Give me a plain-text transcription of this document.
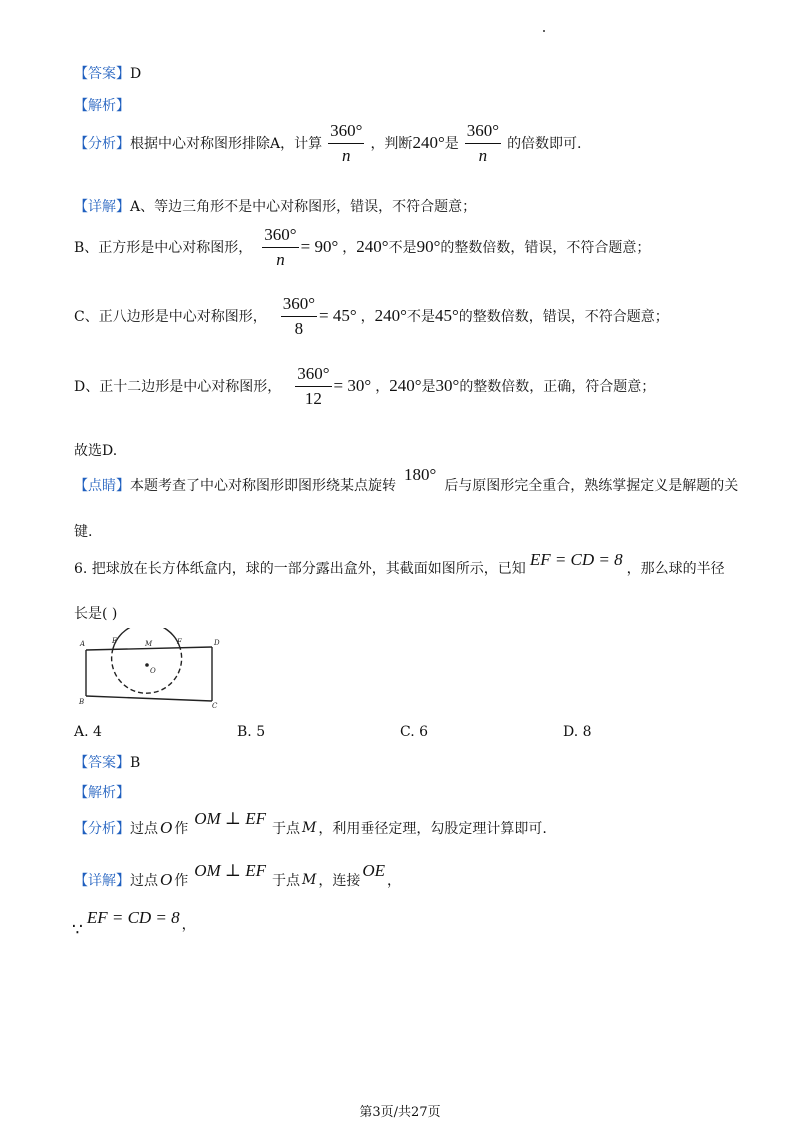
【答案】D
【解析】
【分析】 根据中心对称图形排除A，计算 $\frac{360^\circ}{n}$ ，判断 240° 是 $\frac{360^\circ}{n}$ 的倍数即可.
【详解】A、等边三角形不是中心对称图形，错误，不符合题意；
B、正方形是中心对称图形， $\frac{360^\circ}{n} = 90^\circ$ ， 240° 不是 90° 的整数倍数，错误，不符合题意；
C、正八边形是中心对称图形， $\frac{360^\circ}{8} = 45^\circ$ ， 240° 不是 45° 的整数倍数，错误，不符合题意；
D、正十二边形是中心对称图形， $\frac{360^\circ}{12} = 30^\circ$ ， 240° 是 30° 的整数倍数，正确，符合题意；
故选D.
【点睛】 本题考查了中心对称图形即图形绕某点旋转
180°
后与原图形完全重合，熟练掌握定义是解题的关
键.
6. 把球放在长方体纸盒内，球的一部分露出盒外，其截面如图所示，已知 EF = CD = 8 ，那么球的半径
长是( )
A	E	M	F	D
O
B	C
A. 4	B. 5	C. 6	D. 8
【答案】B
【解析】
【分析】 过点 O 作
OM ⊥ EF
于点 M ，利用垂径定理，勾股定理计算即可.
【详解】 过点 O 作
OM ⊥ EF
于点 M ，连接
OE
，
∵
EF = CD = 8 ，
第3页/共27页
